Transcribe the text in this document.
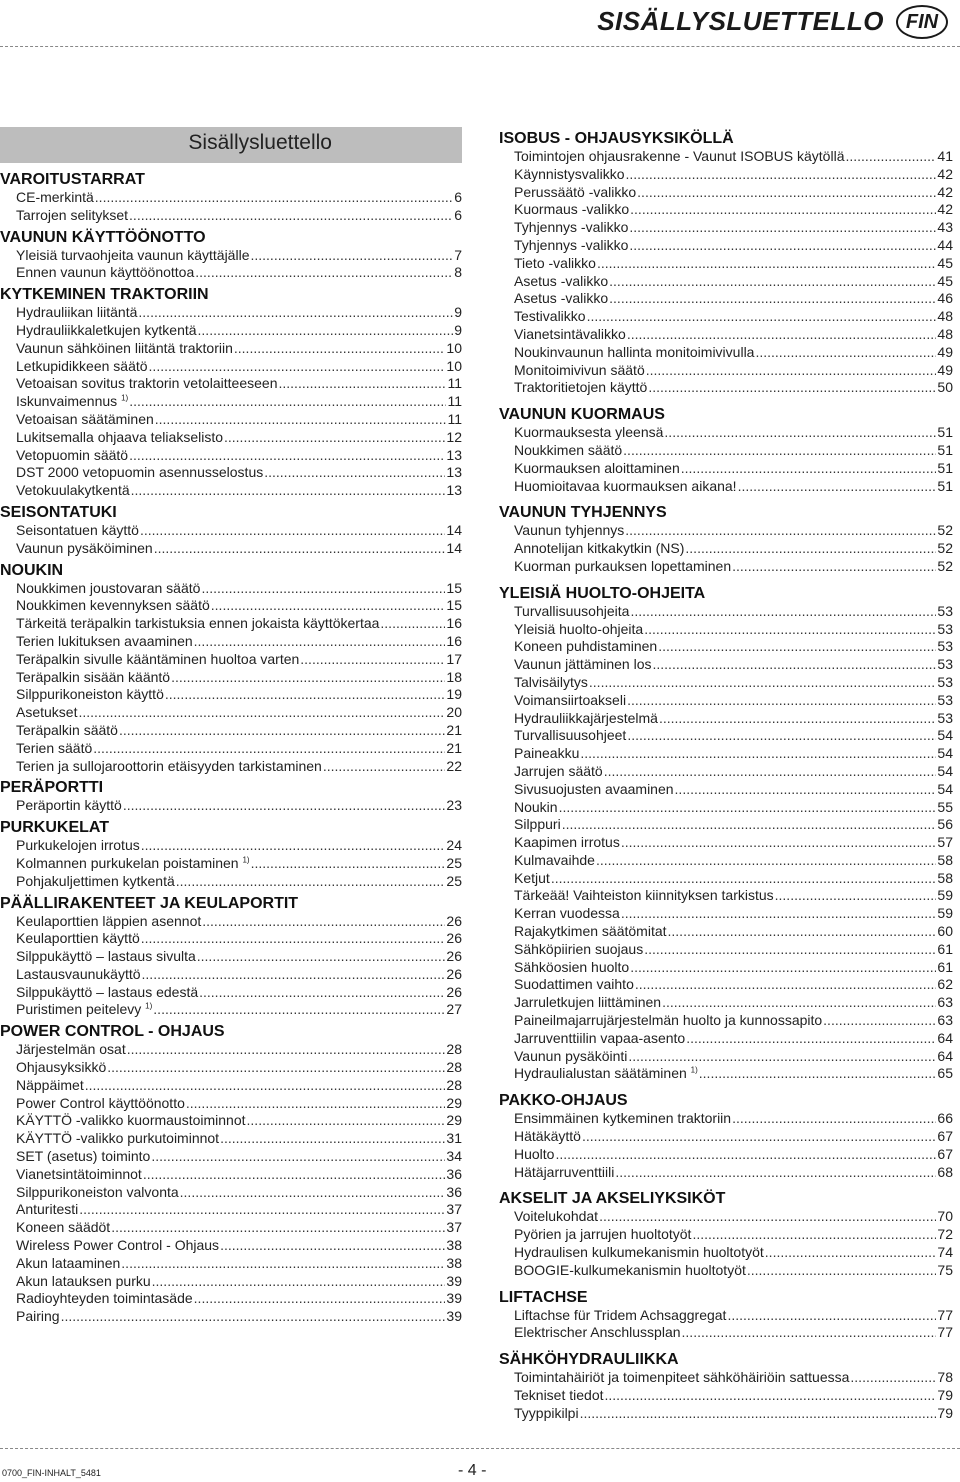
SISÄLLYSLUETTELLO	FIN
Sisällysluettello
VAROITUSTARRAT
CE-merkintä .....	6
Tarrojen selitykset .....	6
VAUNUN KÄYTTÖÖNOTTO
Yleisiä turvaohjeita vaunun käyttäjälle .....	7
Ennen vaunun käyttöönottoa .....	8
KYTKEMINEN TRAKTORIIN
Hydrauliikan liitäntä .....	9
Hydrauliikkaletkujen kytkentä .....	9
Vaunun sähköinen liitäntä traktoriin .....	10
Letkupidikkeen säätö .....	10
Vetoaisan sovitus traktorin vetolaitteeseen .....	11
Iskunvaimennus $^{1)}$ .....	11
Vetoaisan säätäminen .....	11
Lukitsemalla ohjaava teliakselisto .....	12
Vetopuomin säätö .....	13
DST 2000 vetopuomin asennusselostus .....	13
Vetokuulakytkentä .....	13
SEISONTATUKI
Seisontatuen käyttö .....	14
Vaunun pysäköiminen .....	14
NOUKIN
Noukkimen joustovaran säätö .....	15
Noukkimen kevennyksen säätö .....	15
Tärkeitä teräpalkin tarkistuksia ennen jokaista käyttökertaa .....	16
Terien lukituksen avaaminen .....	16
Teräpalkin sivulle kääntäminen huoltoa varten .....	17
Teräpalkin sisään kääntö .....	18
Silppurikoneiston käyttö .....	19
Asetukset .....	20
Teräpalkin säätö .....	21
Terien säätö .....	21
Terien ja sullojaroottorin etäisyyden tarkistaminen .....	22
PERÄPORTTI
Peräportin käyttö .....	23
PURKUKELAT
Purkukelojen irrotus .....	24
Kolmannen purkukelan poistaminen $^{1)}$ .....	25
Pohjakuljettimen kytkentä .....	25
PÄÄLLIRAKENTEET JA KEULAPORTIT
Keulaporttien läppien asennot .....	26
Keulaporttien käyttö .....	26
Silppukäyttö – lastaus sivulta .....	26
Lastausvaunukäyttö .....	26
Silppukäyttö – lastaus edestä .....	26
Puristimen peitelevy $^{1)}$ .....	27
POWER CONTROL - OHJAUS
Järjestelmän osat .....	28
Ohjausyksikkö .....	28
Näppäimet .....	28
Power Control käyttöönotto .....	29
KÄYTTÖ -valikko kuormaustoiminnot .....	29
KÄYTTÖ -valikko purkutoiminnot .....	31
SET (asetus) toiminto .....	34
Vianetsintätoiminnot .....	36
Silppurikoneiston valvonta .....	36
Anturitesti .....	37
Koneen säädöt .....	37
Wireless Power Control - Ohjaus .....	38
Akun lataaminen .....	38
Akun latauksen purku .....	39
Radioyhteyden toimintasäde .....	39
Pairing .....	39
ISOBUS - OHJAUSYKSIKÖLLÄ
Toimintojen ohjausrakenne - Vaunut ISOBUS käytöllä .....	41
Käynnistysvalikko .....	42
Perussäätö -valikko .....	42
Kuormaus -valikko .....	42
Tyhjennys -valikko .....	43
Tyhjennys -valikko .....	44
Tieto -valikko .....	45
Asetus -valikko .....	45
Asetus -valikko .....	46
Testivalikko .....	48
Vianetsintävalikko .....	48
Noukinvaunun hallinta monitoimivivulla .....	49
Monitoimivivun säätö .....	49
Traktoritietojen käyttö .....	50
VAUNUN KUORMAUS
Kuormauksesta yleensä .....	51
Noukkimen säätö .....	51
Kuormauksen aloittaminen .....	51
Huomioitavaa kuormauksen aikana! .....	51
VAUNUN TYHJENNYS
Vaunun tyhjennys .....	52
Annotelijan kitkakytkin (NS) .....	52
Kuorman purkauksen lopettaminen .....	52
YLEISIÄ HUOLTO-OHJEITA
Turvallisuusohjeita .....	53
Yleisiä huolto-ohjeita .....	53
Koneen puhdistaminen .....	53
Vaunun jättäminen los .....	53
Talvisäilytys .....	53
Voimansiirtoakseli .....	53
Hydrauliikkajärjestelmä .....	53
Turvallisuusohjeet .....	54
Paineakku .....	54
Jarrujen säätö .....	54
Sivusuojusten avaaminen .....	54
Noukin .....	55
Silppuri .....	56
Kaapimen irrotus .....	57
Kulmavaihde .....	58
Ketjut .....	58
Tärkeää! Vaihteiston kiinnityksen tarkistus .....	59
Kerran vuodessa .....	59
Rajakytkimen säätömitat .....	60
Sähköpiirien suojaus .....	61
Sähköosien huolto .....	61
Suodattimen vaihto .....	62
Jarruletkujen liittäminen .....	63
Paineilmajarrujärjestelmän huolto ja kunnossapito .....	63
Jarruventtiilin vapaa-asento .....	64
Vaunun pysäköinti .....	64
Hydraulialustan säätäminen $^{1)}$ .....	65
PAKKO-OHJAUS
Ensimmäinen kytkeminen traktoriin .....	66
Hätäkäyttö .....	67
Huolto .....	67
Hätäjarruventtiili .....	68
AKSELIT JA AKSELIYKSIKÖT
Voitelukohdat .....	70
Pyörien ja jarrujen huoltotyöt .....	72
Hydraulisen kulkumekanismin huoltotyöt .....	74
BOOGIE-kulkumekanismin huoltotyöt .....	75
LIFTACHSE
Liftachse für Tridem Achsaggregat .....	77
Elektrischer Anschlussplan .....	77
SÄHKÖHYDRAULIIKKA
Toimintahäiriöt ja toimenpiteet sähköhäiriöin sattuessa .....	78
Tekniset tiedot .....	79
Tyyppikilpi .....	79
0700_FIN-INHALT_5481	- 4 -
